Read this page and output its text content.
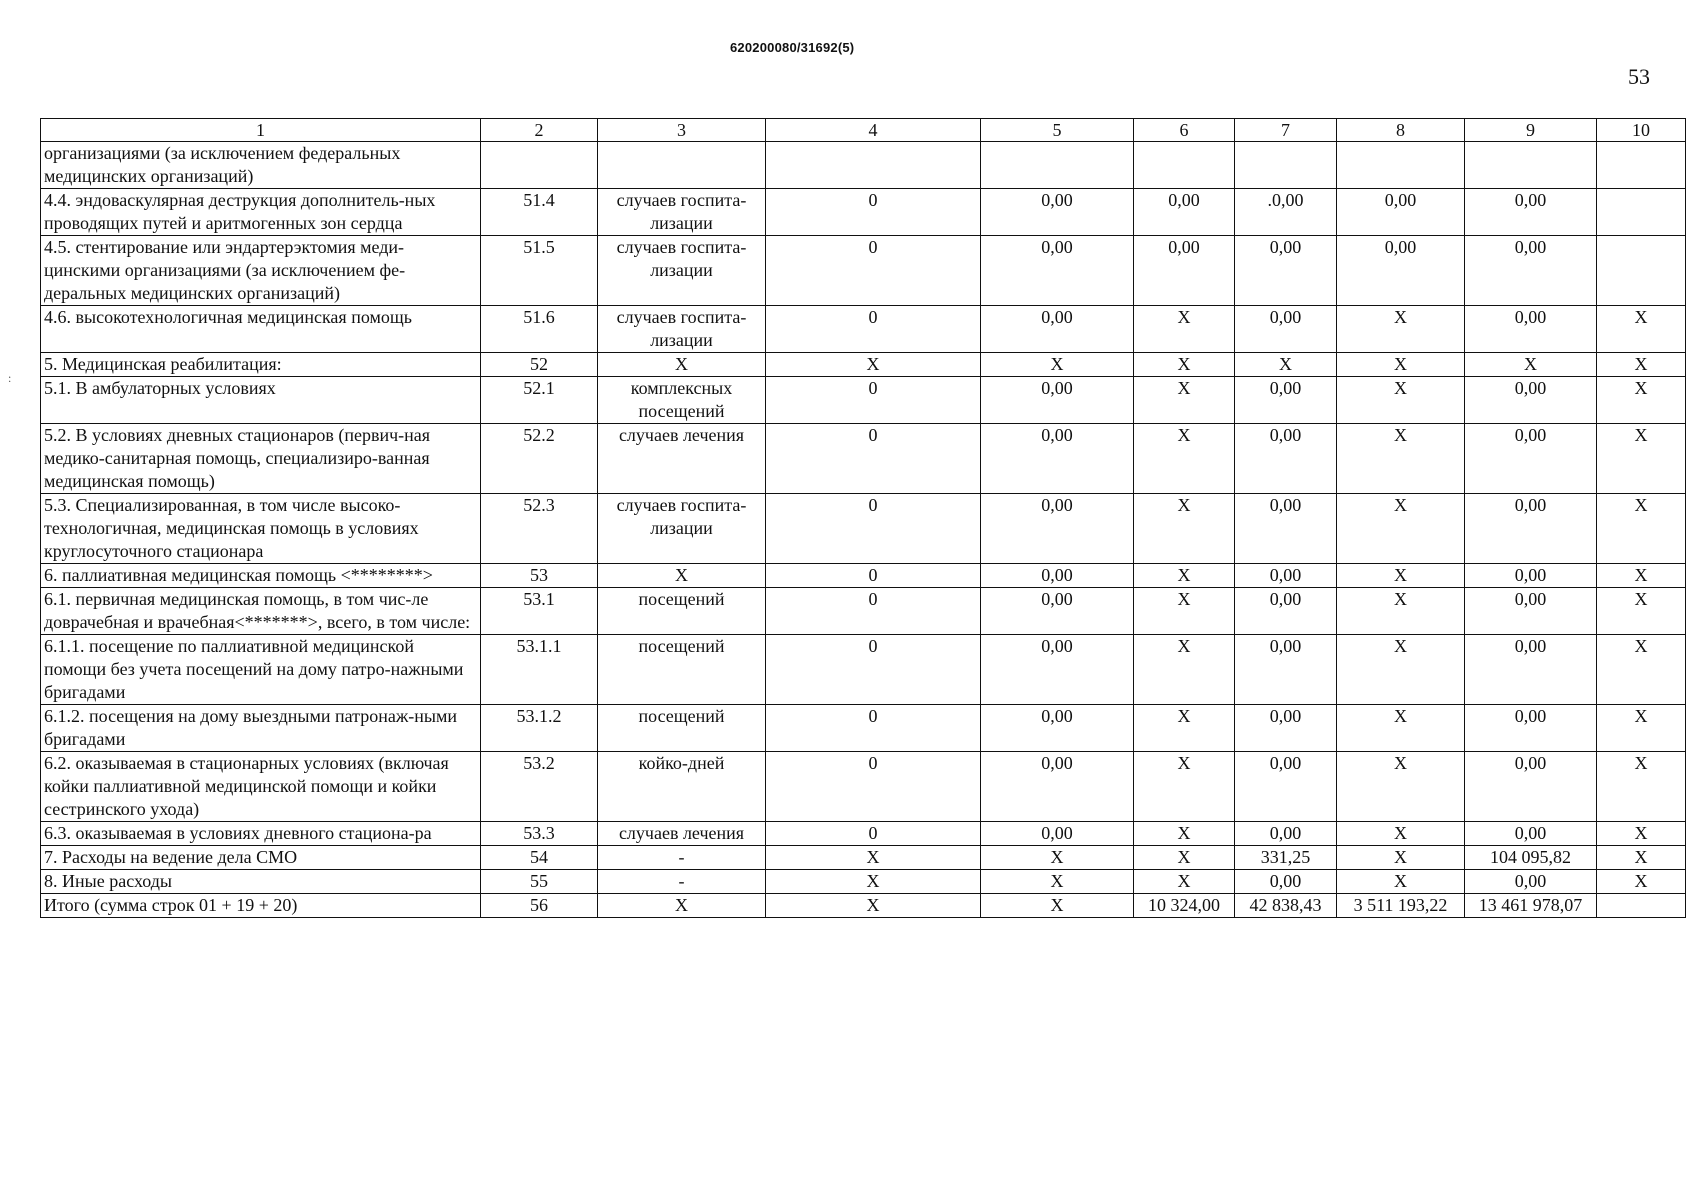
620200080/31692(5)
53
:
1	2	3	4	5	6	7	8	9	10
организациями (за исключением федеральных медицинских организаций)									
4.4. эндоваскулярная деструкция дополнитель-ных проводящих путей и аритмогенных зон сердца	51.4	случаев госпита-лизации	0	0,00	0,00	.0,00	0,00	0,00	
4.5. стентирование или эндартерэктомия меди-цинскими организациями (за исключением фе-деральных медицинских организаций)	51.5	случаев госпита-лизации	0	0,00	0,00	0,00	0,00	0,00	
4.6. высокотехнологичная медицинская помощь	51.6	случаев госпита-лизации	0	0,00	X	0,00	X	0,00	X
5. Медицинская реабилитация:	52	X	X	X	X	X	X	X	X
5.1. В амбулаторных условиях	52.1	комплексных посещений	0	0,00	X	0,00	X	0,00	X
5.2. В условиях дневных стационаров (первич-ная медико-санитарная помощь, специализиро-ванная медицинская помощь)	52.2	случаев лечения	0	0,00	X	0,00	X	0,00	X
5.3. Специализированная, в том числе высоко-технологичная, медицинская помощь в условиях круглосуточного стационара	52.3	случаев госпита-лизации	0	0,00	X	0,00	X	0,00	X
6. паллиативная медицинская помощь <********>	53	X	0	0,00	X	0,00	X	0,00	X
6.1. первичная медицинская помощь, в том чис-ле доврачебная и врачебная<*******>, всего, в том числе:	53.1	посещений	0	0,00	X	0,00	X	0,00	X
6.1.1. посещение по паллиативной медицинской помощи без учета посещений на дому патро-нажными бригадами	53.1.1	посещений	0	0,00	X	0,00	X	0,00	X
6.1.2. посещения на дому выездными патронаж-ными бригадами	53.1.2	посещений	0	0,00	X	0,00	X	0,00	X
6.2. оказываемая в стационарных условиях (включая койки паллиативной медицинской помощи и койки сестринского ухода)	53.2	койко-дней	0	0,00	X	0,00	X	0,00	X
6.3. оказываемая в условиях дневного стациона-ра	53.3	случаев лечения	0	0,00	X	0,00	X	0,00	X
7. Расходы на ведение дела СМО	54	-	X	X	X	331,25	X	104 095,82	X
8. Иные расходы	55	-	X	X	X	0,00	X	0,00	X
Итого (сумма строк 01 + 19 + 20)	56	X	X	X	10 324,00	42 838,43	3 511 193,22	13 461 978,07	
